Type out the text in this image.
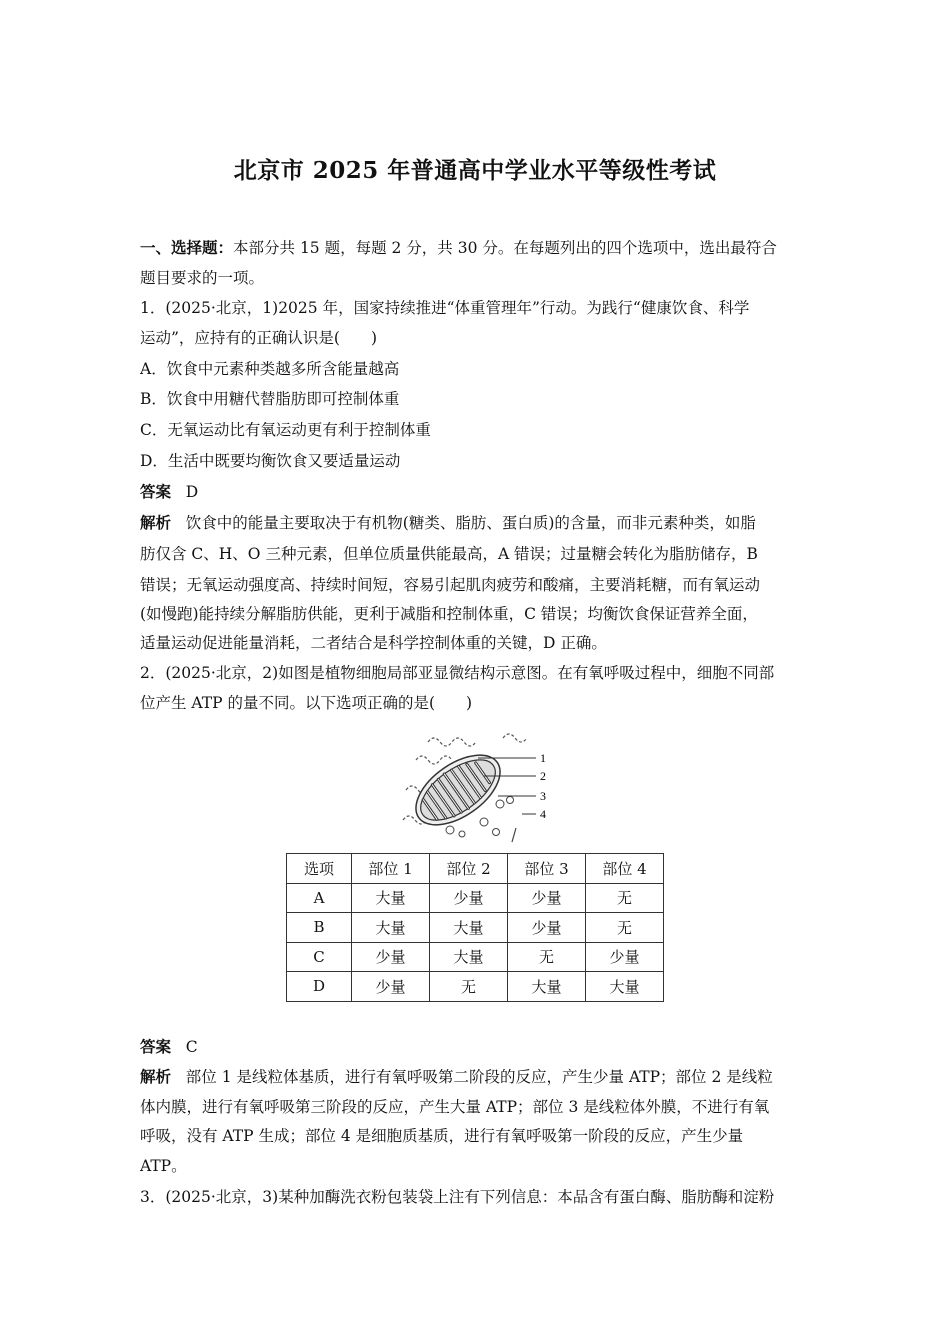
北京市 2025 年普通高中学业水平等级性考试
一、选择题：本部分共 15 题，每题 2 分，共 30 分。在每题列出的四个选项中，选出最符合
题目要求的一项。
1．(2025·北京，1)2025 年，国家持续推进“体重管理年”行动。为践行“健康饮食、科学
运动”，应持有的正确认识是(　　)
A．饮食中元素种类越多所含能量越高
B．饮食中用糖代替脂肪即可控制体重
C．无氧运动比有氧运动更有利于控制体重
D．生活中既要均衡饮食又要适量运动
答案 D
解析 饮食中的能量主要取决于有机物(糖类、脂肪、蛋白质)的含量，而非元素种类，如脂
肪仅含 C、H、O 三种元素，但单位质量供能最高，A 错误；过量糖会转化为脂肪储存，B
错误；无氧运动强度高、持续时间短，容易引起肌肉疲劳和酸痛，主要消耗糖，而有氧运动
(如慢跑)能持续分解脂肪供能，更利于减脂和控制体重，C 错误；均衡饮食保证营养全面，
适量运动促进能量消耗，二者结合是科学控制体重的关键，D 正确。
2．(2025·北京，2)如图是植物细胞局部亚显微结构示意图。在有氧呼吸过程中，细胞不同部
位产生 ATP 的量不同。以下选项正确的是(　　)
1
2
3
4
选项	部位 1	部位 2	部位 3	部位 4
A	大量	少量	少量	无
B	大量	大量	少量	无
C	少量	大量	无	少量
D	少量	无	大量	大量
答案 C
解析 部位 1 是线粒体基质，进行有氧呼吸第二阶段的反应，产生少量 ATP；部位 2 是线粒
体内膜，进行有氧呼吸第三阶段的反应，产生大量 ATP；部位 3 是线粒体外膜，不进行有氧
呼吸，没有 ATP 生成；部位 4 是细胞质基质，进行有氧呼吸第一阶段的反应，产生少量
ATP。
3．(2025·北京，3)某种加酶洗衣粉包装袋上注有下列信息：本品含有蛋白酶、脂肪酶和淀粉
